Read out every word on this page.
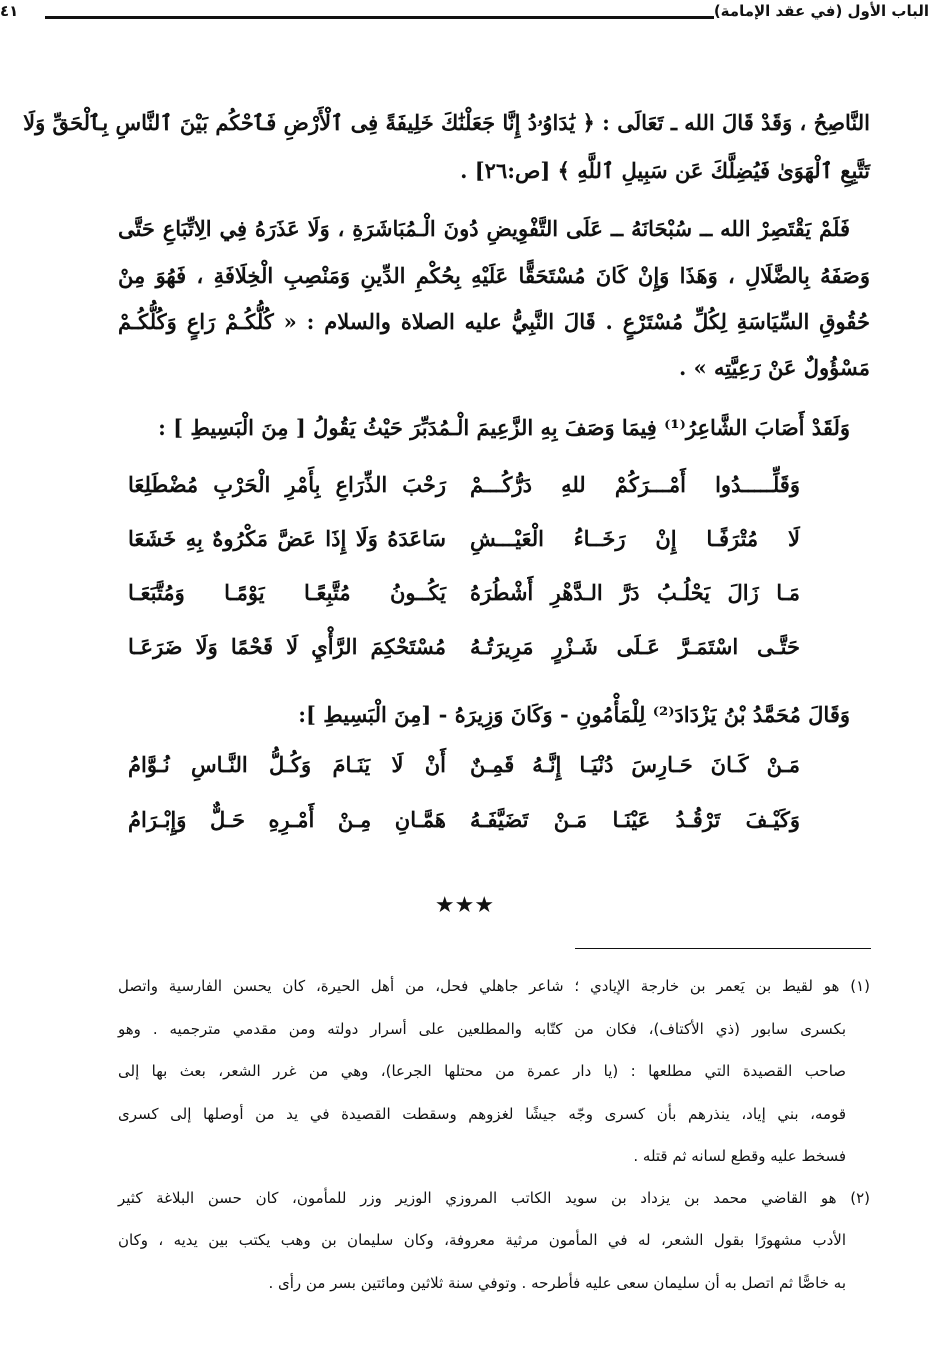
الباب الأول (في عقد الإمامة)
٤١
النَّاصِحُ ، وَقَدْ قَالَ الله ـ تَعَالَى : ﴿ يَٰدَاوُۥدُ إِنَّا جَعَلْنَٰكَ خَلِيفَةً فِى ٱلْأَرْضِ فَٱحْكُم بَيْنَ ٱلنَّاسِ بِٱلْحَقِّ وَلَا
تَتَّبِعِ ٱلْهَوَىٰ فَيُضِلَّكَ عَن سَبِيلِ ٱللَّهِ ﴾ [ص:٢٦] .
فَلَمْ يَقْتَصِرْ الله ــ سُبْحَانَهُ ــ عَلَى التَّفْوِيضِ دُونَ الْـمُبَاشَرَةِ ، وَلَا عَذَرَهُ فِي الِاتِّبَاعِ حَتَّى
وَصَفَهُ بِالضَّلَالِ ، وَهَذَا وَإِنْ كَانَ مُسْتَحَقًّا عَلَيْهِ بِحُكْمِ الدِّينِ وَمَنْصِبِ الْخِلَافَةِ ، فَهُوَ مِنْ
حُقُوقِ السِّيَاسَةِ لِكُلِّ مُسْتَرْعٍ . قَالَ النَّبِيُّ عليه الصلاة والسلام : « كُلُّكُـمْ رَاعٍ وَكُلُّكُـمْ
مَسْؤُولٌ عَنْ رَعِيَّتِه » .
وَلَقَدْ أَصَابَ الشَّاعِرُ⁽¹⁾ فِيمَا وَصَفَ بِهِ الزَّعِيمَ الْـمُدَبِّرَ حَيْثُ يَقُولُ [ مِنَ الْبَسِيطِ ] :
وَقَلِّـــــدُوا أَمْـــرَكُمْ للهِ دَرُّكُـــمْ
رَحْبَ الذِّرَاعِ بِأَمْرِ الْحَرْبِ مُضْطَلِعَا
لَا مُتْرَفًـا إِنْ رَخَــاءُ الْعَيْـــشِ
سَاعَدَهُ وَلَا إِذَا عَضَّ مَكْرُوهٌ بِهِ خَشَعَا
مَـا زَالَ يَحْلُـبُ دَرَّ الـدَّهْرِ أَشْطُرَهُ
يَكُــونُ مُتَّبِعًـا يَوْمًـا وَمُتَّبَعَـا
حَتَّـى اسْتَمَـرَّ عَـلَى شَـزْرٍ مَرِيرَتُـهُ
مُسْتَحْكِمَ الرَّأْيِ لَا قَحْمًا وَلَا ضَرَعَـا
وَقَالَ مُحَمَّدُ بْنُ يَزْدَادَ⁽²⁾ لِلْمَأْمُونِ - وَكَانَ وَزِيرَهُ - [مِنَ الْبَسِيطِ ]:
مَـنْ كَـانَ حَـارِسَ دُنْيَـا إِنَّـهُ قَمِـنٌ
أَنْ لَا يَنَـامَ وَكُـلُّ النَّـاسِ نُـوَّامُ
وَكَيْـفَ تَرْقُـدُ عَيْنَـا مَـنْ تَضَيَّفَـهُ
هَمَّـانِ مِـنْ أَمْـرِهِ حَـلٌّ وَإِبْـرَامُ
★★★
(١) هو لقيط بن يَعمر بن خارجة الإيادي ؛ شاعر جاهلي فحل، من أهل الحيرة، كان يحسن الفارسية واتصل
بكسرى سابور (ذي الأكتاف)، فكان من كتّابه والمطلعين على أسرار دولته ومن مقدمي مترجميه . وهو
صاحب القصيدة التي مطلعها : (يا دار عمرة من محتلها الجرعا)، وهي من غرر الشعر، بعث بها إلى
قومه، بني إياد، ينذرهم بأن كسرى وجّه جيشًا لغزوهم وسقطت القصيدة في يد من أوصلها إلى كسرى
فسخط عليه وقطع لسانه ثم قتله .
(٢) هو القاضي محمد بن يزداد بن سويد الكاتب المروزي الوزير وزر للمأمون، كان حسن البلاغة كثير
الأدب مشهورًا بقول الشعر، له في المأمون مرثية معروفة، وكان سليمان بن وهب يكتب بين يديه ، وكان
به خاصًّا ثم اتصل به أن سليمان سعى عليه فأطرحه . وتوفي سنة ثلاثين ومائتين بسر من رأى .
